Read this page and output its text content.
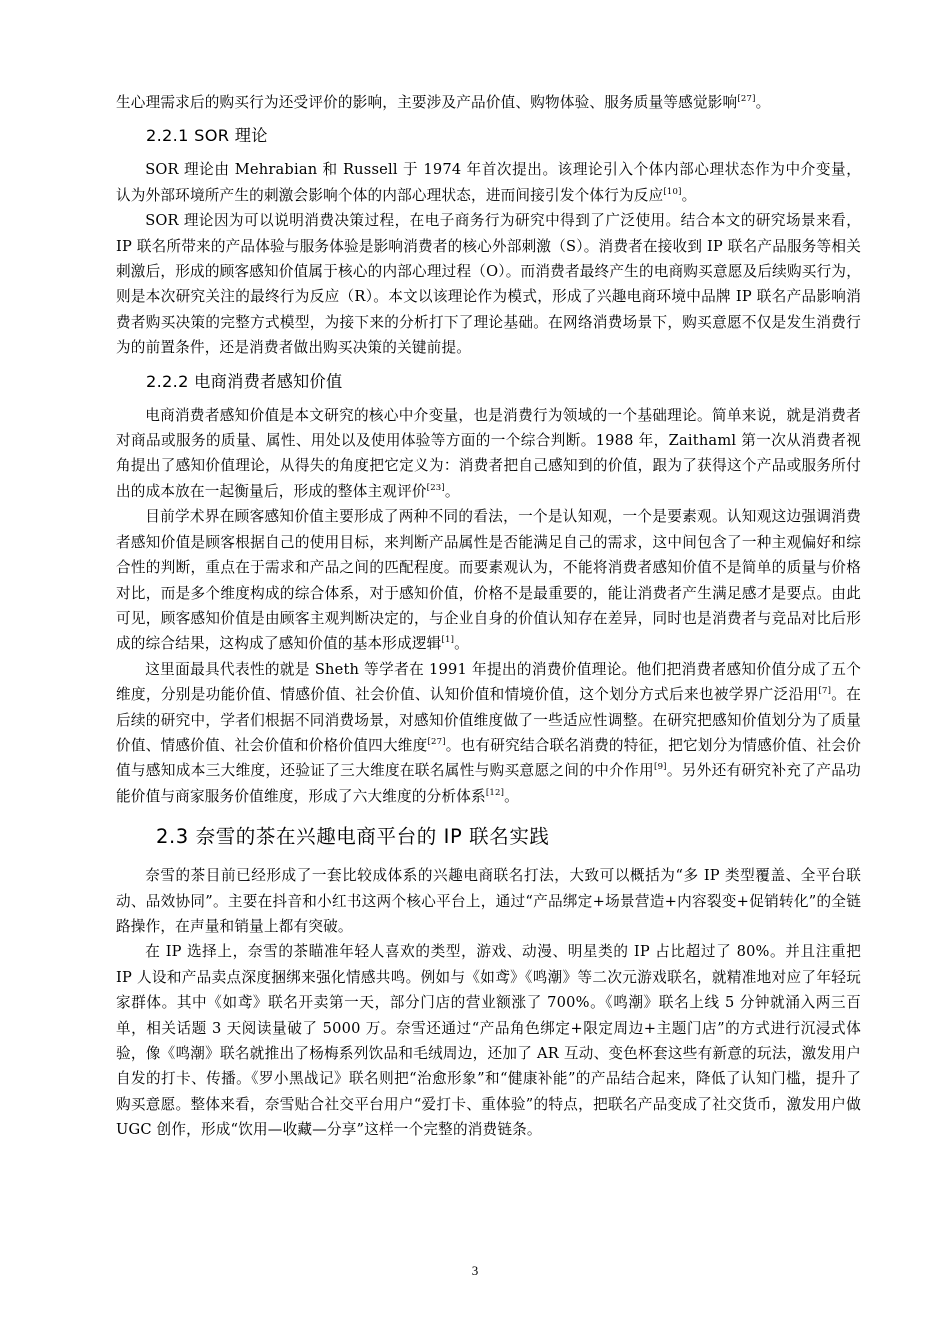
生心理需求后的购买行为还受评价的影响，主要涉及产品价值、购物体验、服务质量等感觉影响[27]。

2.2.1 SOR 理论

SOR 理论由 Mehrabian 和 Russell 于 1974 年首次提出。该理论引入个体内部心理状态作为中介变量，认为外部环境所产生的刺激会影响个体的内部心理状态，进而间接引发个体行为反应[10]。

SOR 理论因为可以说明消费决策过程，在电子商务行为研究中得到了广泛使用。结合本文的研究场景来看，IP 联名所带来的产品体验与服务体验是影响消费者的核心外部刺激（S）。消费者在接收到 IP 联名产品服务等相关刺激后，形成的顾客感知价值属于核心的内部心理过程（O）。而消费者最终产生的电商购买意愿及后续购买行为，则是本次研究关注的最终行为反应（R）。本文以该理论作为模式，形成了兴趣电商环境中品牌 IP 联名产品影响消费者购买决策的完整方式模型，为接下来的分析打下了理论基础。在网络消费场景下，购买意愿不仅是发生消费行为的前置条件，还是消费者做出购买决策的关键前提。

2.2.2 电商消费者感知价值

电商消费者感知价值是本文研究的核心中介变量，也是消费行为领域的一个基础理论。简单来说，就是消费者对商品或服务的质量、属性、用处以及使用体验等方面的一个综合判断。1988 年，Zaithaml 第一次从消费者视角提出了感知价值理论，从得失的角度把它定义为：消费者把自己感知到的价值，跟为了获得这个产品或服务所付出的成本放在一起衡量后，形成的整体主观评价[23]。

目前学术界在顾客感知价值主要形成了两种不同的看法，一个是认知观，一个是要素观。认知观这边强调消费者感知价值是顾客根据自己的使用目标，来判断产品属性是否能满足自己的需求，这中间包含了一种主观偏好和综合性的判断，重点在于需求和产品之间的匹配程度。而要素观认为，不能将消费者感知价值不是简单的质量与价格对比，而是多个维度构成的综合体系，对于感知价值，价格不是最重要的，能让消费者产生满足感才是要点。由此可见，顾客感知价值是由顾客主观判断决定的，与企业自身的价值认知存在差异，同时也是消费者与竞品对比后形成的综合结果，这构成了感知价值的基本形成逻辑[1]。

这里面最具代表性的就是 Sheth 等学者在 1991 年提出的消费价值理论。他们把消费者感知价值分成了五个维度，分别是功能价值、情感价值、社会价值、认知价值和情境价值，这个划分方式后来也被学界广泛沿用[7]。在后续的研究中，学者们根据不同消费场景，对感知价值维度做了一些适应性调整。在研究把感知价值划分为了质量价值、情感价值、社会价值和价格价值四大维度[27]。也有研究结合联名消费的特征，把它划分为情感价值、社会价值与感知成本三大维度，还验证了三大维度在联名属性与购买意愿之间的中介作用[9]。另外还有研究补充了产品功能价值与商家服务价值维度，形成了六大维度的分析体系[12]。

2.3 奈雪的茶在兴趣电商平台的 IP 联名实践

奈雪的茶目前已经形成了一套比较成体系的兴趣电商联名打法，大致可以概括为“多 IP 类型覆盖、全平台联动、品效协同”。主要在抖音和小红书这两个核心平台上，通过“产品绑定+场景营造+内容裂变+促销转化”的全链路操作，在声量和销量上都有突破。

在 IP 选择上，奈雪的茶瞄准年轻人喜欢的类型，游戏、动漫、明星类的 IP 占比超过了 80%。并且注重把 IP 人设和产品卖点深度捆绑来强化情感共鸣。例如与《如鸢》《鸣潮》等二次元游戏联名，就精准地对应了年轻玩家群体。其中《如鸢》联名开卖第一天，部分门店的营业额涨了 700%。《鸣潮》联名上线 5 分钟就涌入两三百单，相关话题 3 天阅读量破了 5000 万。奈雪还通过“产品角色绑定+限定周边+主题门店”的方式进行沉浸式体验，像《鸣潮》联名就推出了杨梅系列饮品和毛绒周边，还加了 AR 互动、变色杯套这些有新意的玩法，激发用户自发的打卡、传播。《罗小黑战记》联名则把“治愈形象”和“健康补能”的产品结合起来，降低了认知门槛，提升了购买意愿。整体来看，奈雪贴合社交平台用户“爱打卡、重体验”的特点，把联名产品变成了社交货币，激发用户做 UGC 创作，形成“饮用—收藏—分享”这样一个完整的消费链条。

3
